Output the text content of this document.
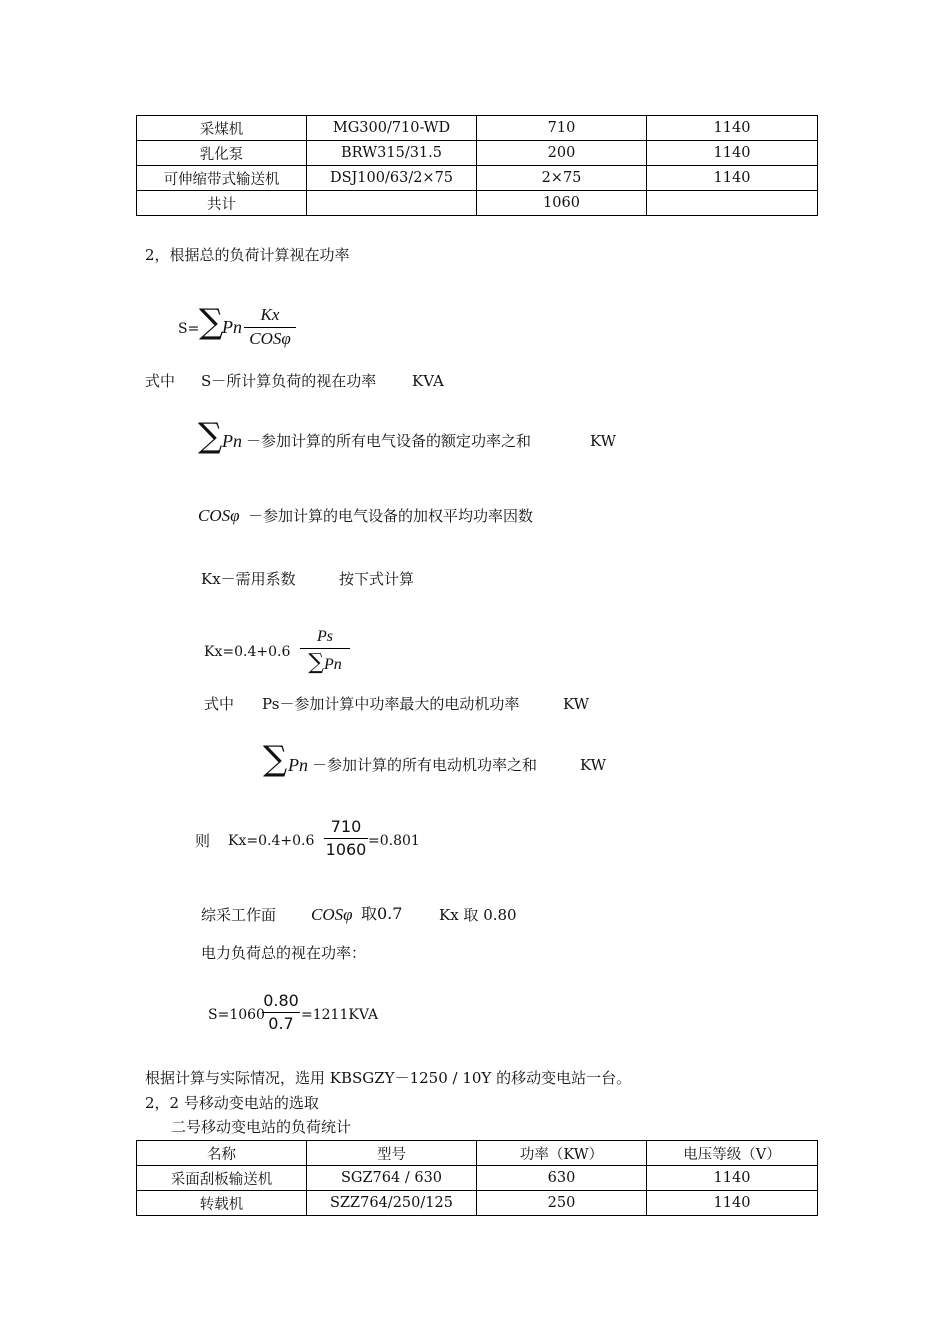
采煤机	MG300/710-WD	710	1140
乳化泵	BRW315/31.5	200	1140
可伸缩带式输送机	DSJ100/63/2×75	2×75	1140
共计		1060	
2，根据总的负荷计算视在功率
S= ∑
Pn
Kx
COSφ
式中 S－所计算负荷的视在功率 KVA
∑ Pn －参加计算的所有电气设备的额定功率之和	KW
COSφ －参加计算的电气设备的加权平均功率因数
Kx－需用系数	按下式计算
Kx=0.4+0.6
Ps
∑Pn
式中 Ps－参加计算中功率最大的电动机功率	KW
∑ Pn －参加计算的所有电动机功率之和	KW
则 Kx=0.4+0.6
710
1060 =0.801
综采工作面 COSφ 取0.7 Kx 取 0.80
电力负荷总的视在功率：
S=1060
0.80
0.7 =1211KVA
根据计算与实际情况，选用 KBSGZY－1250 / 10Y 的移动变电站一台。
2，2 号移动变电站的选取
二号移动变电站的负荷统计
名称	型号	功率（KW）	电压等级（V）
采面刮板输送机	SGZ764 / 630	630	1140
转载机	SZZ764/250/125	250	1140
